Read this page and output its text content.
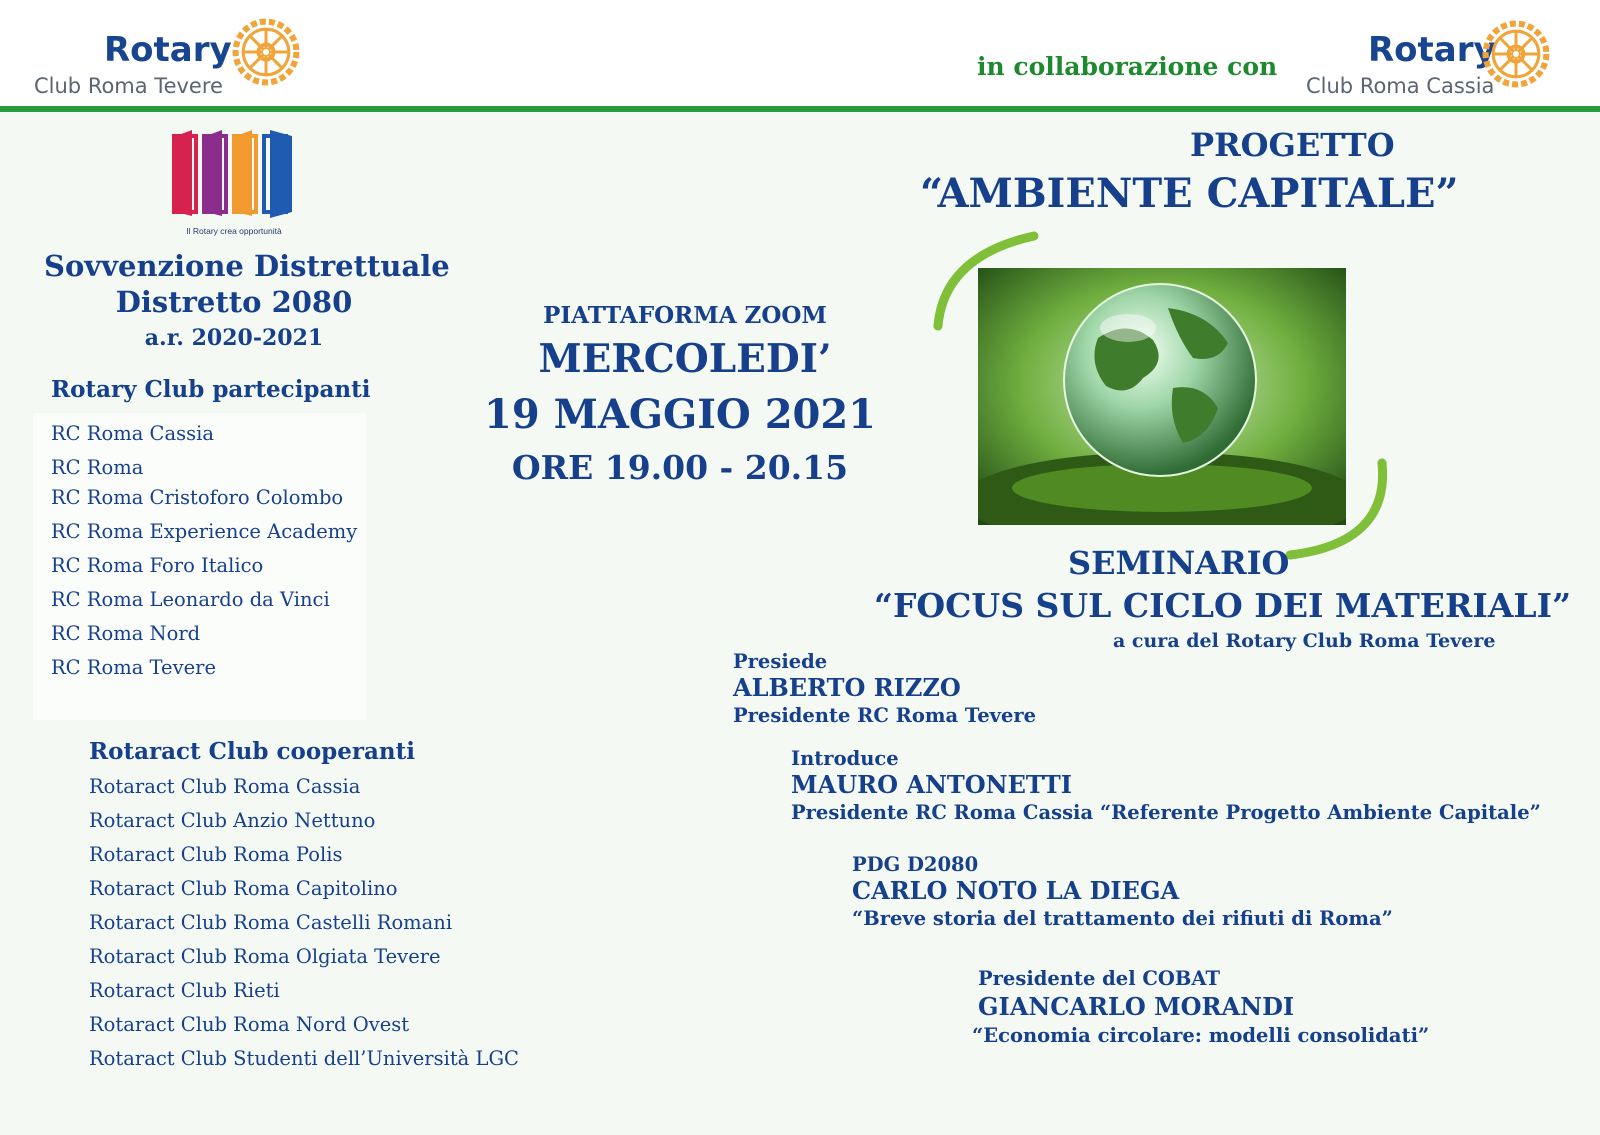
Rotary
Club Roma Tevere
in collaborazione con	Rotary
Club Roma Cassia
Il Rotary crea opportunità
Sovvenzione Distrettuale
Distretto 2080
a.r. 2020-2021
Rotary Club partecipanti
RC Roma Cassia
RC Roma
RC Roma Cristoforo Colombo
RC Roma Experience Academy
RC Roma Foro Italico
RC Roma Leonardo da Vinci
RC Roma Nord
RC Roma Tevere
Rotaract Club cooperanti
Rotaract Club Roma Cassia
Rotaract Club Anzio Nettuno
Rotaract Club Roma Polis
Rotaract Club Roma Capitolino
Rotaract Club Roma Castelli Romani
Rotaract Club Roma Olgiata Tevere
Rotaract Club Rieti
Rotaract Club Roma Nord Ovest
Rotaract Club Studenti dell’Università LGC
PIATTAFORMA ZOOM
MERCOLEDI’
19 MAGGIO 2021
ORE 19.00 - 20.15
PROGETTO
“AMBIENTE CAPITALE”
SEMINARIO
“FOCUS SUL CICLO DEI MATERIALI”
a cura del Rotary Club Roma Tevere
Presiede
ALBERTO RIZZO
Presidente RC Roma Tevere
Introduce
MAURO ANTONETTI
Presidente RC Roma Cassia “Referente Progetto Ambiente Capitale”
PDG D2080
CARLO NOTO LA DIEGA
“Breve storia del trattamento dei rifiuti di Roma”
Presidente del COBAT
GIANCARLO MORANDI
“Economia circolare: modelli consolidati”
